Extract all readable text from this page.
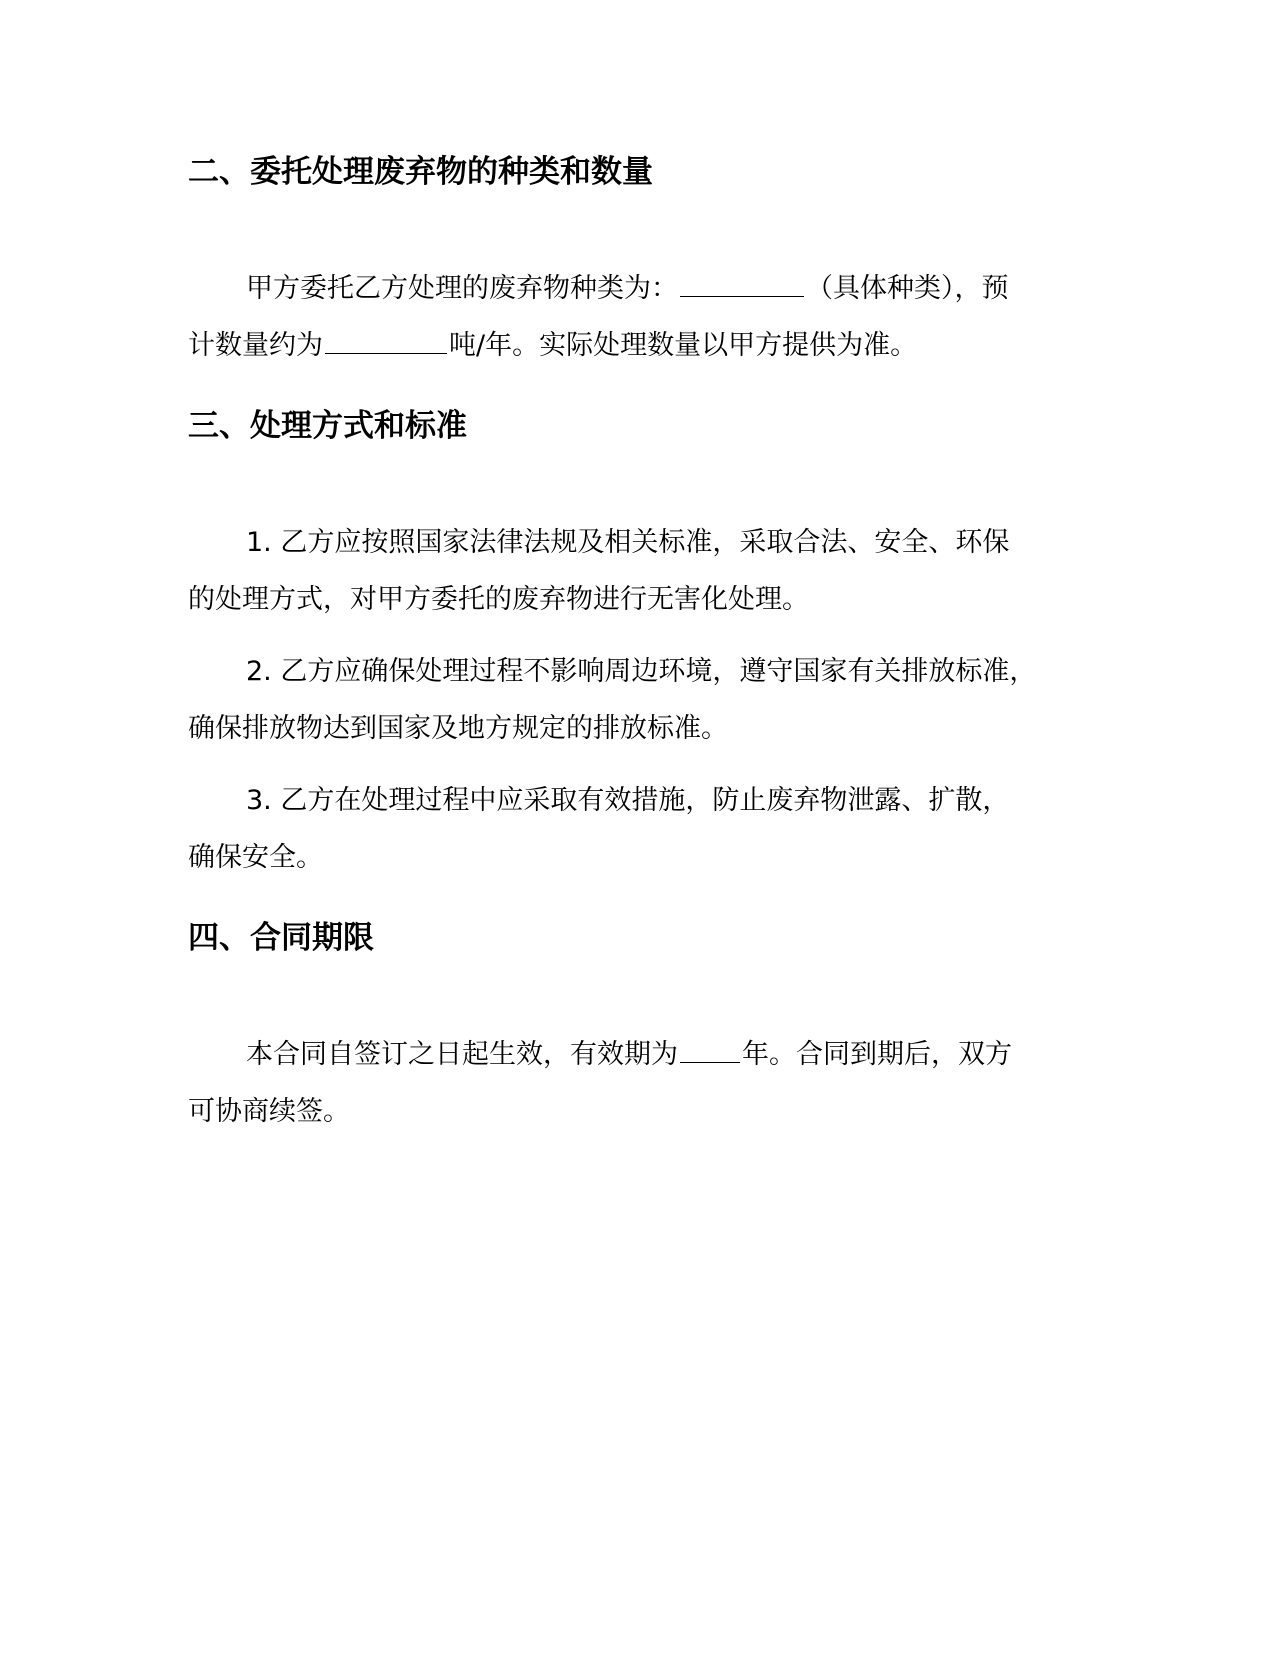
二、委托处理废弃物的种类和数量
甲方委托乙方处理的废弃物种类为：	（具体种类），预
计数量约为	吨/年。实际处理数量以甲方提供为准。
三、处理方式和标准
1. 乙方应按照国家法律法规及相关标准，采取合法、安全、环保
的处理方式，对甲方委托的废弃物进行无害化处理。
2. 乙方应确保处理过程不影响周边环境，遵守国家有关排放标准，
确保排放物达到国家及地方规定的排放标准。
3. 乙方在处理过程中应采取有效措施，防止废弃物泄露、扩散，
确保安全。
四、合同期限
本合同自签订之日起生效，有效期为 年。合同到期后，双方
可协商续签。
